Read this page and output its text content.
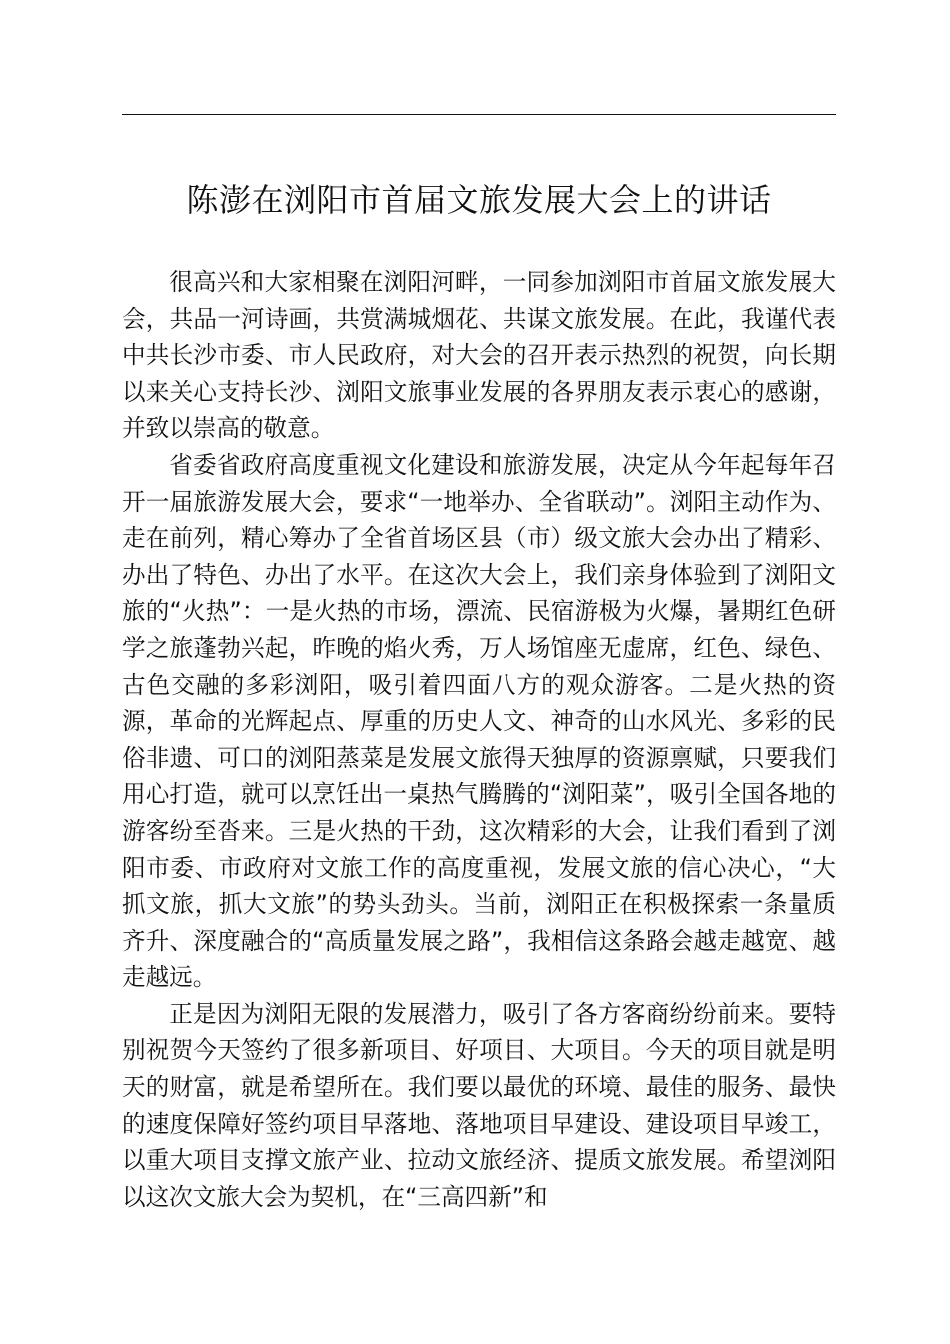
陈澎在浏阳市首届文旅发展大会上的讲话

很高兴和大家相聚在浏阳河畔，一同参加浏阳市首届文旅发展大会，共品一河诗画，共赏满城烟花、共谋文旅发展。在此，我谨代表中共长沙市委、市人民政府，对大会的召开表示热烈的祝贺，向长期以来关心支持长沙、浏阳文旅事业发展的各界朋友表示衷心的感谢，并致以崇高的敬意。

省委省政府高度重视文化建设和旅游发展，决定从今年起每年召开一届旅游发展大会，要求“一地举办、全省联动”。浏阳主动作为、走在前列，精心筹办了全省首场区县（市）级文旅大会办出了精彩、办出了特色、办出了水平。在这次大会上，我们亲身体验到了浏阳文旅的“火热”：一是火热的市场，漂流、民宿游极为火爆，暑期红色研学之旅蓬勃兴起，昨晚的焰火秀，万人场馆座无虚席，红色、绿色、古色交融的多彩浏阳，吸引着四面八方的观众游客。二是火热的资源，革命的光辉起点、厚重的历史人文、神奇的山水风光、多彩的民俗非遗、可口的浏阳蒸菜是发展文旅得天独厚的资源禀赋，只要我们用心打造，就可以烹饪出一桌热气腾腾的“浏阳菜”，吸引全国各地的游客纷至沓来。三是火热的干劲，这次精彩的大会，让我们看到了浏阳市委、市政府对文旅工作的高度重视，发展文旅的信心决心，“大抓文旅，抓大文旅”的势头劲头。当前，浏阳正在积极探索一条量质齐升、深度融合的“高质量发展之路”，我相信这条路会越走越宽、越走越远。

正是因为浏阳无限的发展潜力，吸引了各方客商纷纷前来。要特别祝贺今天签约了很多新项目、好项目、大项目。今天的项目就是明天的财富，就是希望所在。我们要以最优的环境、最佳的服务、最快的速度保障好签约项目早落地、落地项目早建设、建设项目早竣工，以重大项目支撑文旅产业、拉动文旅经济、提质文旅发展。希望浏阳以这次文旅大会为契机，在“三高四新”和
